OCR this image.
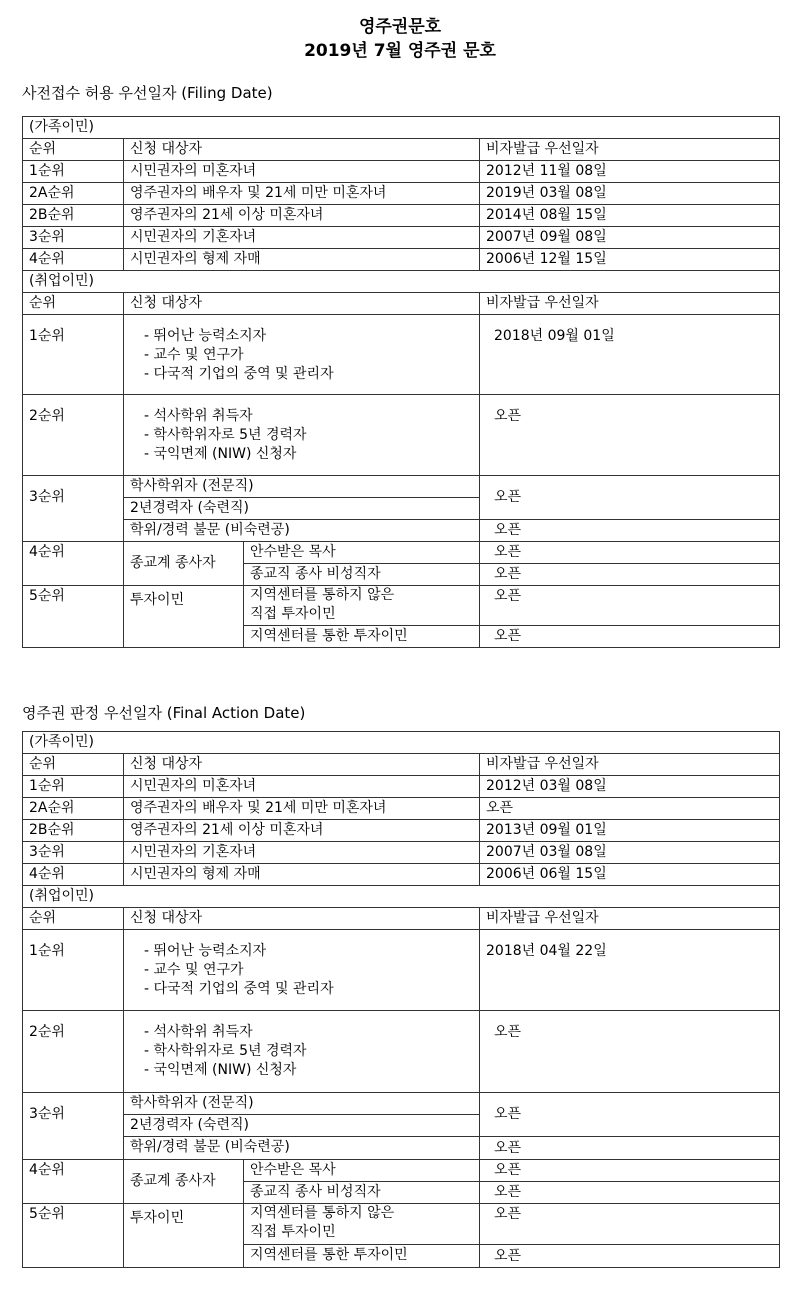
영주권문호
2019년 7월 영주권 문호
사전접수 허용 우선일자 (Filing Date)
(가족이민)			
순위	신청 대상자		비자발급 우선일자
1순위	시민권자의 미혼자녀		2012년 11월 08일
2A순위	영주권자의 배우자 및 21세 미만 미혼자녀		2019년 03월 08일
2B순위	영주권자의 21세 이상 미혼자녀		2014년 08월 15일
3순위	시민권자의 기혼자녀		2007년 09월 08일
4순위	시민권자의 형제 자매		2006년 12월 15일
(취업이민)			
순위	신청 대상자		비자발급 우선일자
1순위	- 뛰어난 능력소지자
- 교수 및 연구가
- 다국적 기업의 중역 및 관리자		2018년 09월 01일
2순위	- 석사학위 취득자
- 학사학위자로 5년 경력자
- 국익면제 (NIW) 신청자		오픈
3순위	학사학위자 (전문직)		오픈
	2년경력자 (숙련직)		
	학위/경력 불문 (비숙련공)		오픈
4순위	종교계 종사자	안수받은 목사	오픈
		종교직 종사 비성직자	오픈
5순위	투자이민	지역센터를 통하지 않은
직접 투자이민	오픈
		지역센터를 통한 투자이민	오픈
영주권 판정 우선일자 (Final Action Date)
(가족이민)			
순위	신청 대상자		비자발급 우선일자
1순위	시민권자의 미혼자녀		2012년 03월 08일
2A순위	영주권자의 배우자 및 21세 미만 미혼자녀		오픈
2B순위	영주권자의 21세 이상 미혼자녀		2013년 09월 01일
3순위	시민권자의 기혼자녀		2007년 03월 08일
4순위	시민권자의 형제 자매		2006년 06월 15일
(취업이민)			
순위	신청 대상자		비자발급 우선일자
1순위	- 뛰어난 능력소지자
- 교수 및 연구가
- 다국적 기업의 중역 및 관리자		2018년 04월 22일
2순위	- 석사학위 취득자
- 학사학위자로 5년 경력자
- 국익면제 (NIW) 신청자		오픈
3순위	학사학위자 (전문직)		오픈
	2년경력자 (숙련직)		
	학위/경력 불문 (비숙련공)		오픈
4순위	종교계 종사자	안수받은 목사	오픈
		종교직 종사 비성직자	오픈
5순위	투자이민	지역센터를 통하지 않은
직접 투자이민	오픈
		지역센터를 통한 투자이민	오픈
